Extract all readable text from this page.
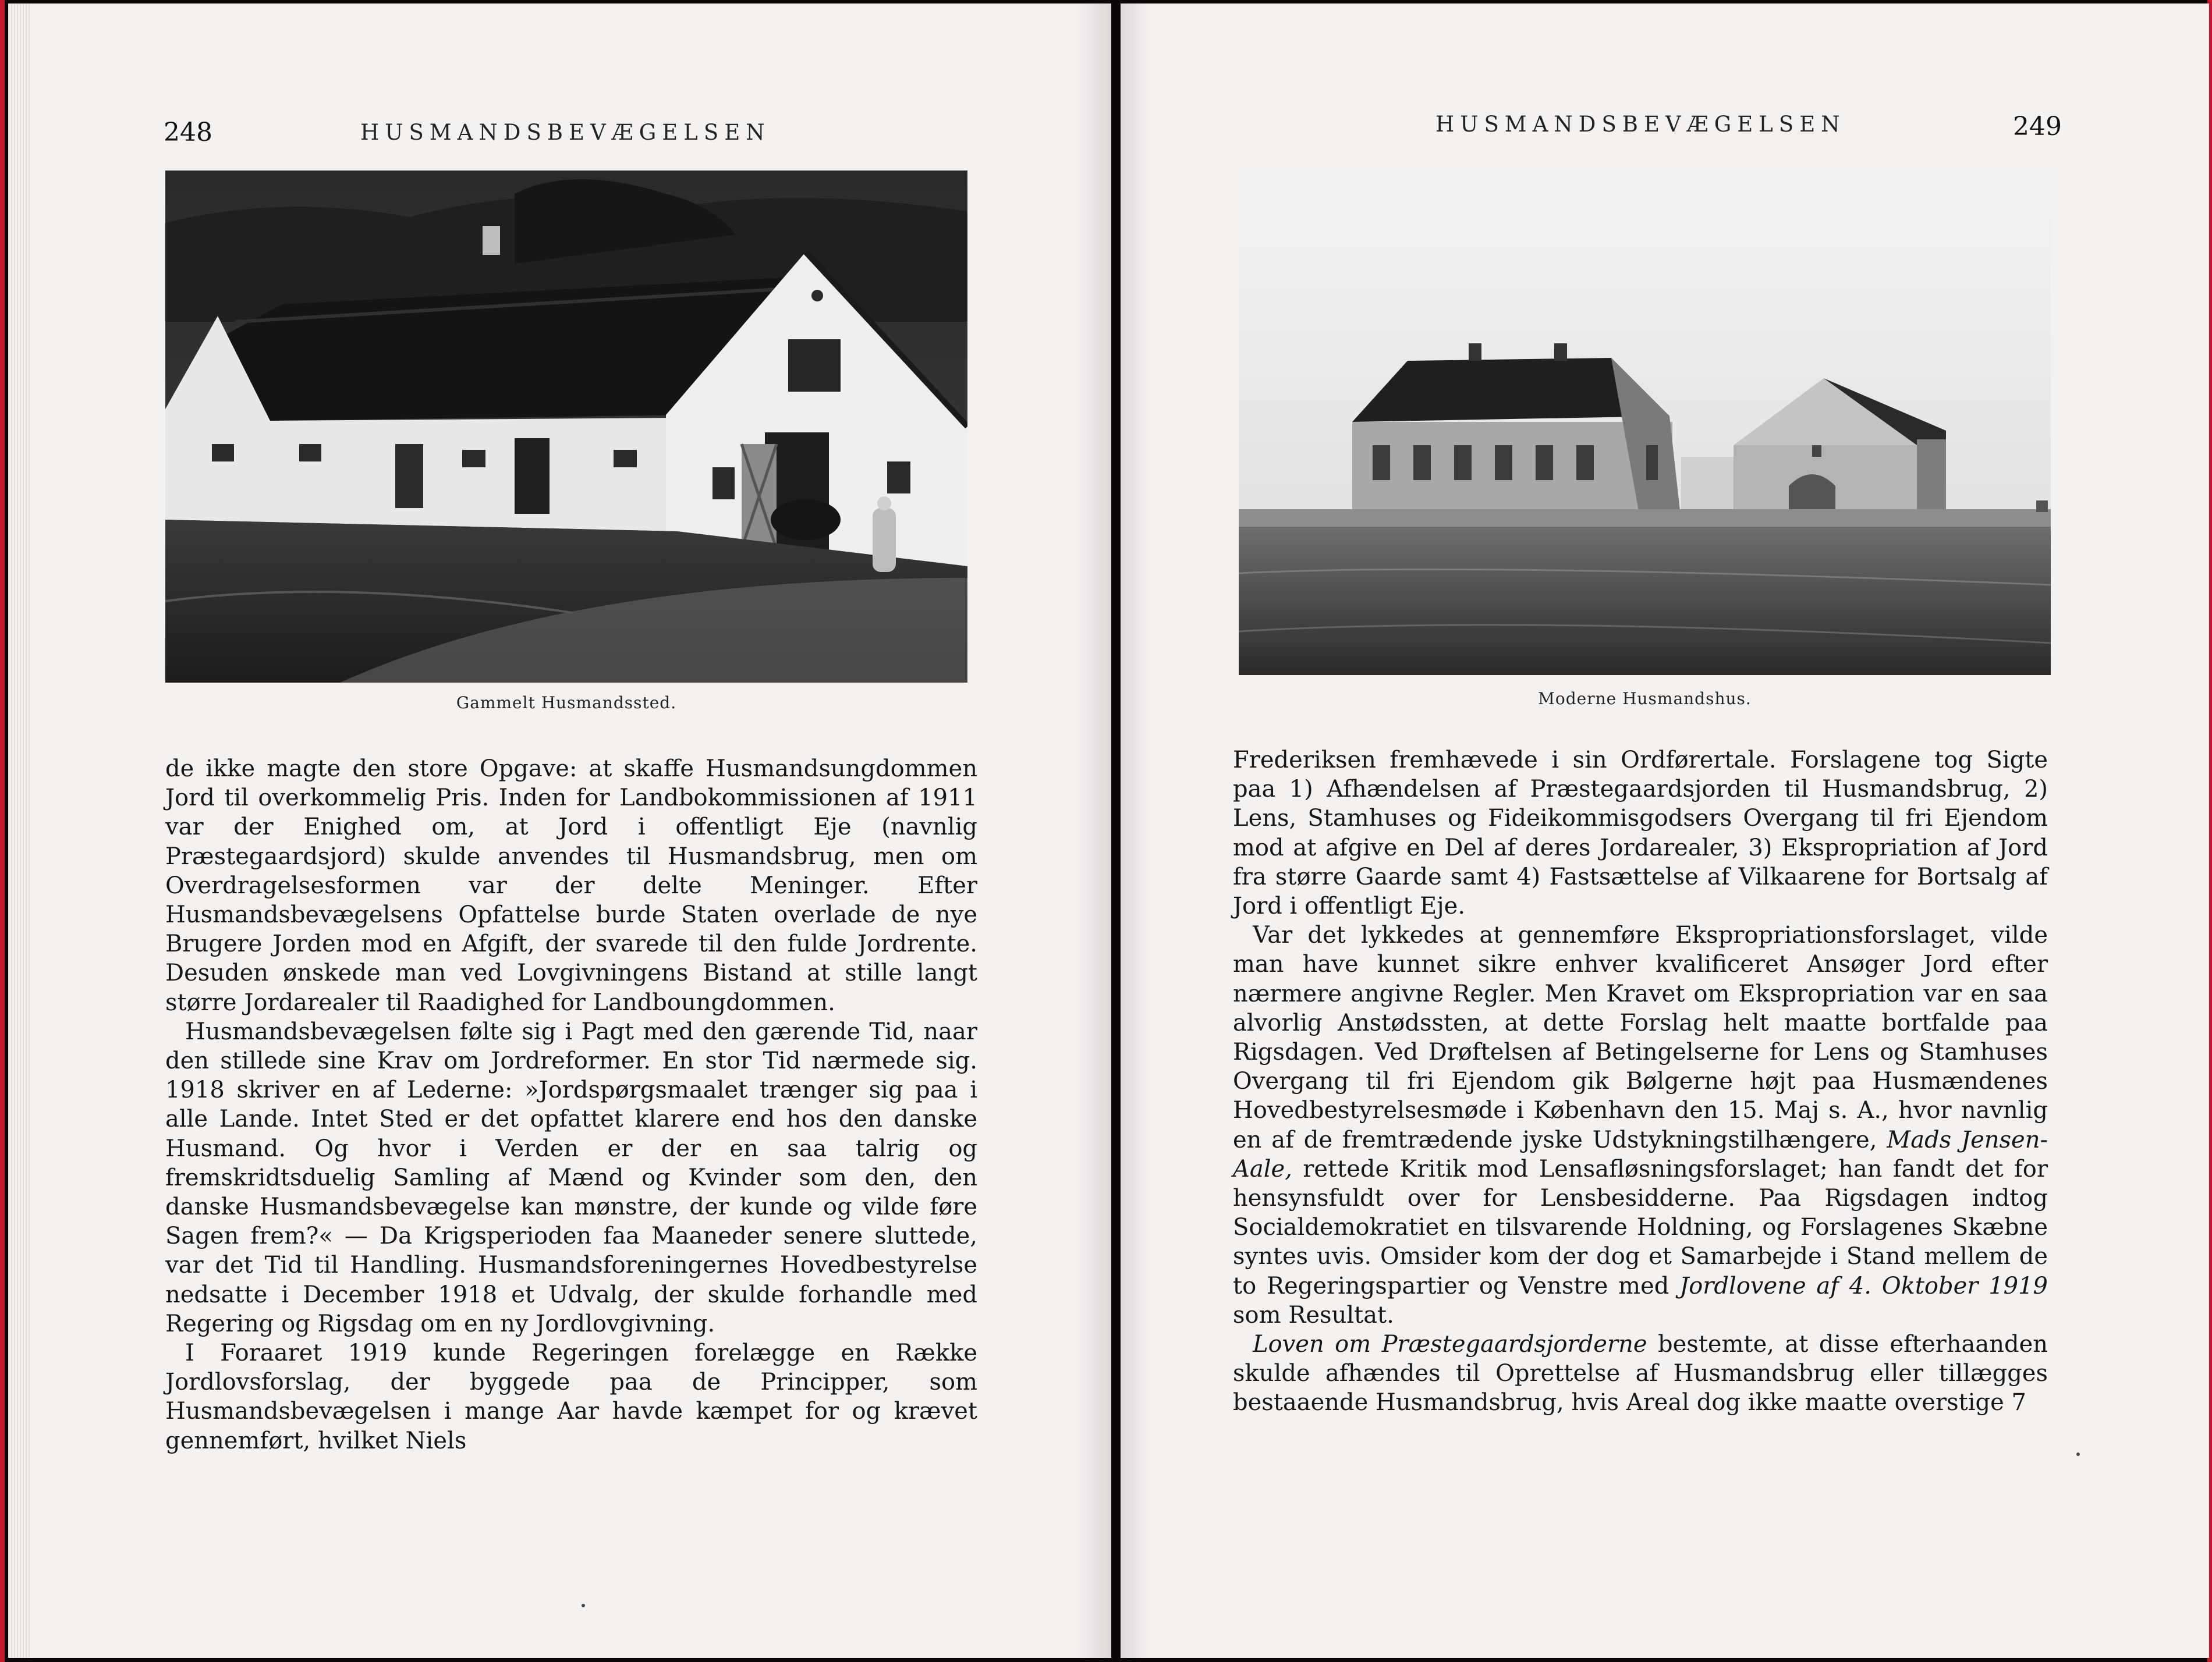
248	HUSMANDSBEVÆGELSEN
Gammelt Husmandssted.

de ikke magte den store Opgave: at skaffe Husmandsungdommen Jord til overkommelig Pris. Inden for Landbokommissionen af 1911 var der Enighed om, at Jord i offentligt Eje (navnlig Præstegaardsjord) skulde anvendes til Husmandsbrug, men om Overdragelsesformen var der delte Meninger. Efter Husmandsbevægelsens Opfattelse burde Staten overlade de nye Brugere Jorden mod en Afgift, der svarede til den fulde Jordrente. Desuden ønskede man ved Lovgivningens Bistand at stille langt større Jordarealer til Raadighed for Landboungdommen.

Husmandsbevægelsen følte sig i Pagt med den gærende Tid, naar den stillede sine Krav om Jordreformer. En stor Tid nærmede sig. 1918 skriver en af Lederne: »Jordspørgsmaalet trænger sig paa i alle Lande. Intet Sted er det opfattet klarere end hos den danske Husmand. Og hvor i Verden er der en saa talrig og fremskridtsduelig Samling af Mænd og Kvinder som den, den danske Husmandsbevægelse kan mønstre, der kunde og vilde føre Sagen frem?« — Da Krigsperioden faa Maaneder senere sluttede, var det Tid til Handling. Husmandsforeningernes Hovedbestyrelse nedsatte i December 1918 et Udvalg, der skulde forhandle med Regering og Rigsdag om en ny Jordlovgivning.

I Foraaret 1919 kunde Regeringen forelægge en Række Jordlovsforslag, der byggede paa de Principper, som Husmandsbevægelsen i mange Aar havde kæmpet for og krævet gennemført, hvilket Niels

HUSMANDSBEVÆGELSEN	249
Moderne Husmandshus.

Frederiksen fremhævede i sin Ordførertale. Forslagene tog Sigte paa 1) Afhændelsen af Præstegaardsjorden til Husmandsbrug, 2) Lens, Stamhuses og Fideikommisgodsers Overgang til fri Ejendom mod at afgive en Del af deres Jordarealer, 3) Ekspropriation af Jord fra større Gaarde samt 4) Fastsættelse af Vilkaarene for Bortsalg af Jord i offentligt Eje.

Var det lykkedes at gennemføre Ekspropriationsforslaget, vilde man have kunnet sikre enhver kvalificeret Ansøger Jord efter nærmere angivne Regler. Men Kravet om Ekspropriation var en saa alvorlig Anstødssten, at dette Forslag helt maatte bortfalde paa Rigsdagen. Ved Drøftelsen af Betingelserne for Lens og Stamhuses Overgang til fri Ejendom gik Bølgerne højt paa Husmændenes Hovedbestyrelsesmøde i København den 15. Maj s. A., hvor navnlig en af de fremtrædende jyske Udstykningstilhængere, Mads Jensen-Aale, rettede Kritik mod Lensafløsningsforslaget; han fandt det for hensynsfuldt over for Lensbesidderne. Paa Rigsdagen indtog Socialdemokratiet en tilsvarende Holdning, og Forslagenes Skæbne syntes uvis. Omsider kom der dog et Samarbejde i Stand mellem de to Regeringspartier og Venstre med Jordlovene af 4. Oktober 1919 som Resultat.

Loven om Præstegaardsjorderne bestemte, at disse efterhaanden skulde afhændes til Oprettelse af Husmandsbrug eller tillægges bestaaende Husmandsbrug, hvis Areal dog ikke maatte overstige 7
